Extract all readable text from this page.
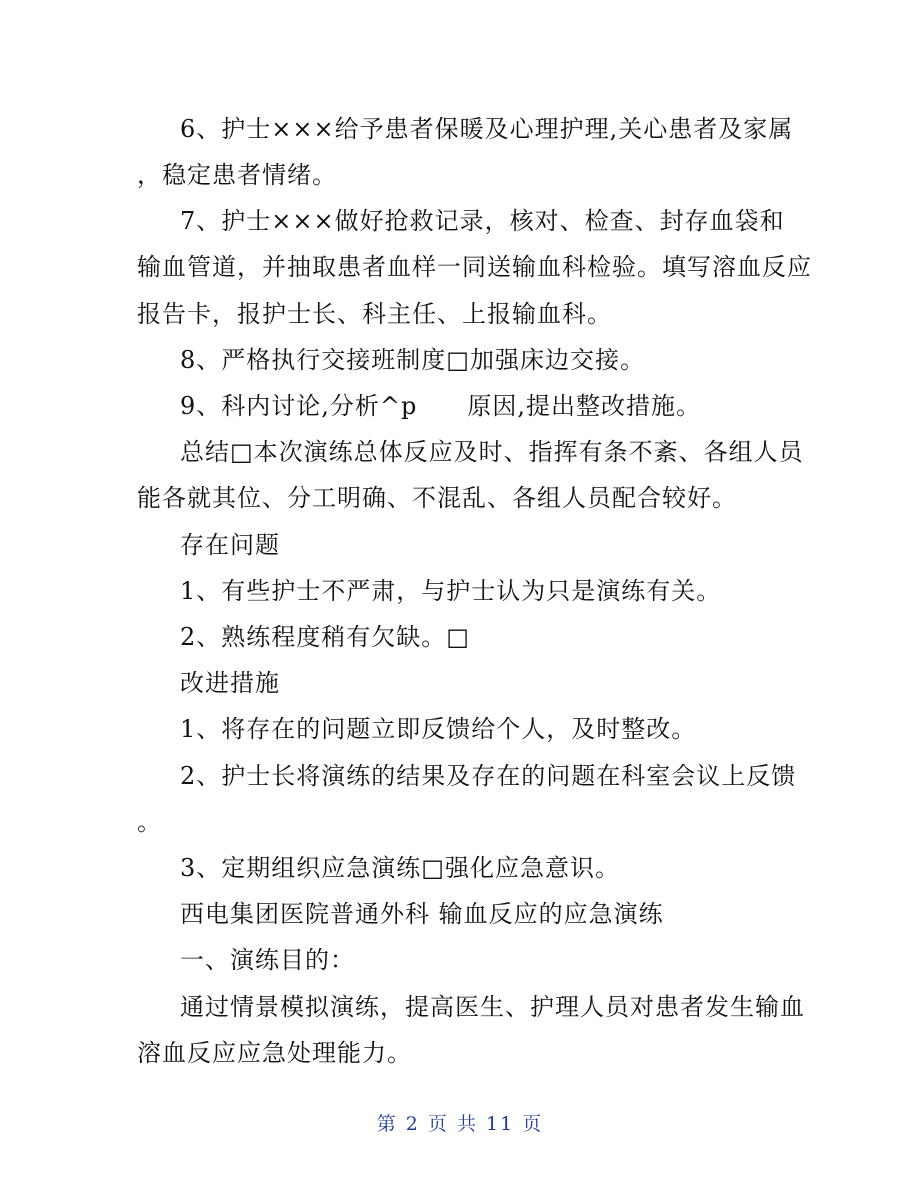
6、护士×××给予患者保暖及心理护理,关心患者及家属
，稳定患者情绪。
7、护士×××做好抢救记录，核对、检查、封存血袋和
输血管道，并抽取患者血样一同送输血科检验。填写溶血反应
报告卡，报护士长、科主任、上报输血科。
8、严格执行交接班制度□加强床边交接。
9、科内讨论,分析^p　　原因,提出整改措施。
总结□本次演练总体反应及时、指挥有条不紊、各组人员
能各就其位、分工明确、不混乱、各组人员配合较好。
存在问题
1、有些护士不严肃，与护士认为只是演练有关。
2、熟练程度稍有欠缺。□
改进措施
1、将存在的问题立即反馈给个人，及时整改。
2、护士长将演练的结果及存在的问题在科室会议上反馈
。
3、定期组织应急演练□强化应急意识。
西电集团医院普通外科 输血反应的应急演练
一、演练目的：
通过情景模拟演练，提高医生、护理人员对患者发生输血
溶血反应应急处理能力。
第 2 页 共 11 页
